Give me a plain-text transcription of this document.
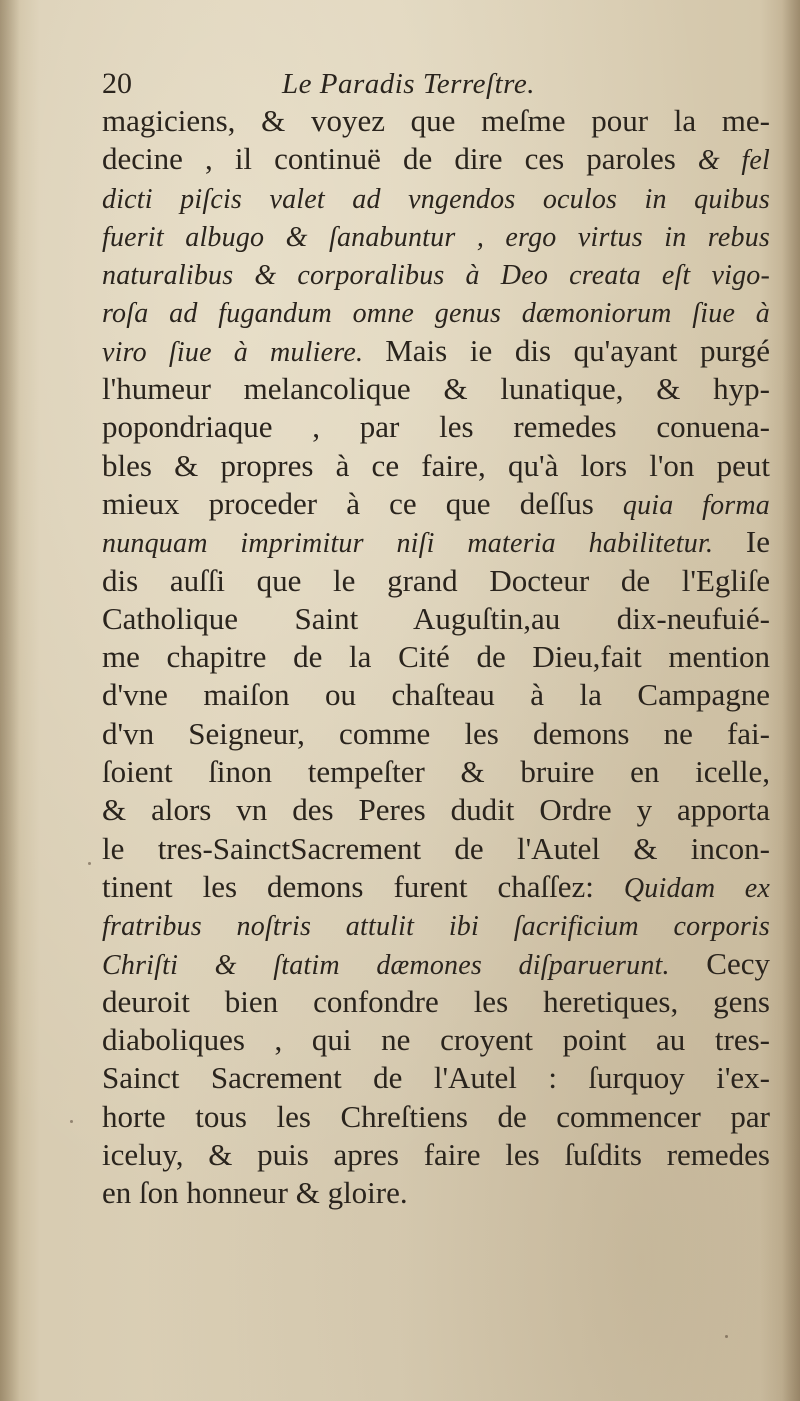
20	Le Paradis Terreſtre.
magiciens, & voyez que meſme pour la me-
decine , il continuë de dire ces paroles & fel
dicti piſcis valet ad vngendos oculos in quibus
fuerit albugo & ſanabuntur , ergo virtus in rebus
naturalibus & corporalibus à Deo creata eſt vigo-
roſa ad fugandum omne genus dæmoniorum ſiue à
viro ſiue à muliere. Mais ie dis qu'ayant purgé
l'humeur melancolique & lunatique, & hyp-
popondriaque , par les remedes conuena-
bles & propres à ce faire, qu'à lors l'on peut
mieux proceder à ce que deſſus quia forma
nunquam imprimitur niſi materia habilitetur. Ie
dis auſſi que le grand Docteur de l'Egliſe
Catholique Saint Auguſtin,au dix-neufuié-
me chapitre de la Cité de Dieu,fait mention
d'vne maiſon ou chaſteau à la Campagne
d'vn Seigneur, comme les demons ne fai-
ſoient ſinon tempeſter & bruire en icelle,
& alors vn des Peres dudit Ordre y apporta
le tres-SainctSacrement de l'Autel & incon-
tinent les demons furent chaſſez: Quidam ex
fratribus noſtris attulit ibi ſacrificium corporis
Chriſti & ſtatim dæmones diſparuerunt. Cecy
deuroit bien confondre les heretiques, gens
diaboliques , qui ne croyent point au tres-
Sainct Sacrement de l'Autel : ſurquoy i'ex-
horte tous les Chreſtiens de commencer par
iceluy, & puis apres faire les ſuſdits remedes
en ſon honneur & gloire.
